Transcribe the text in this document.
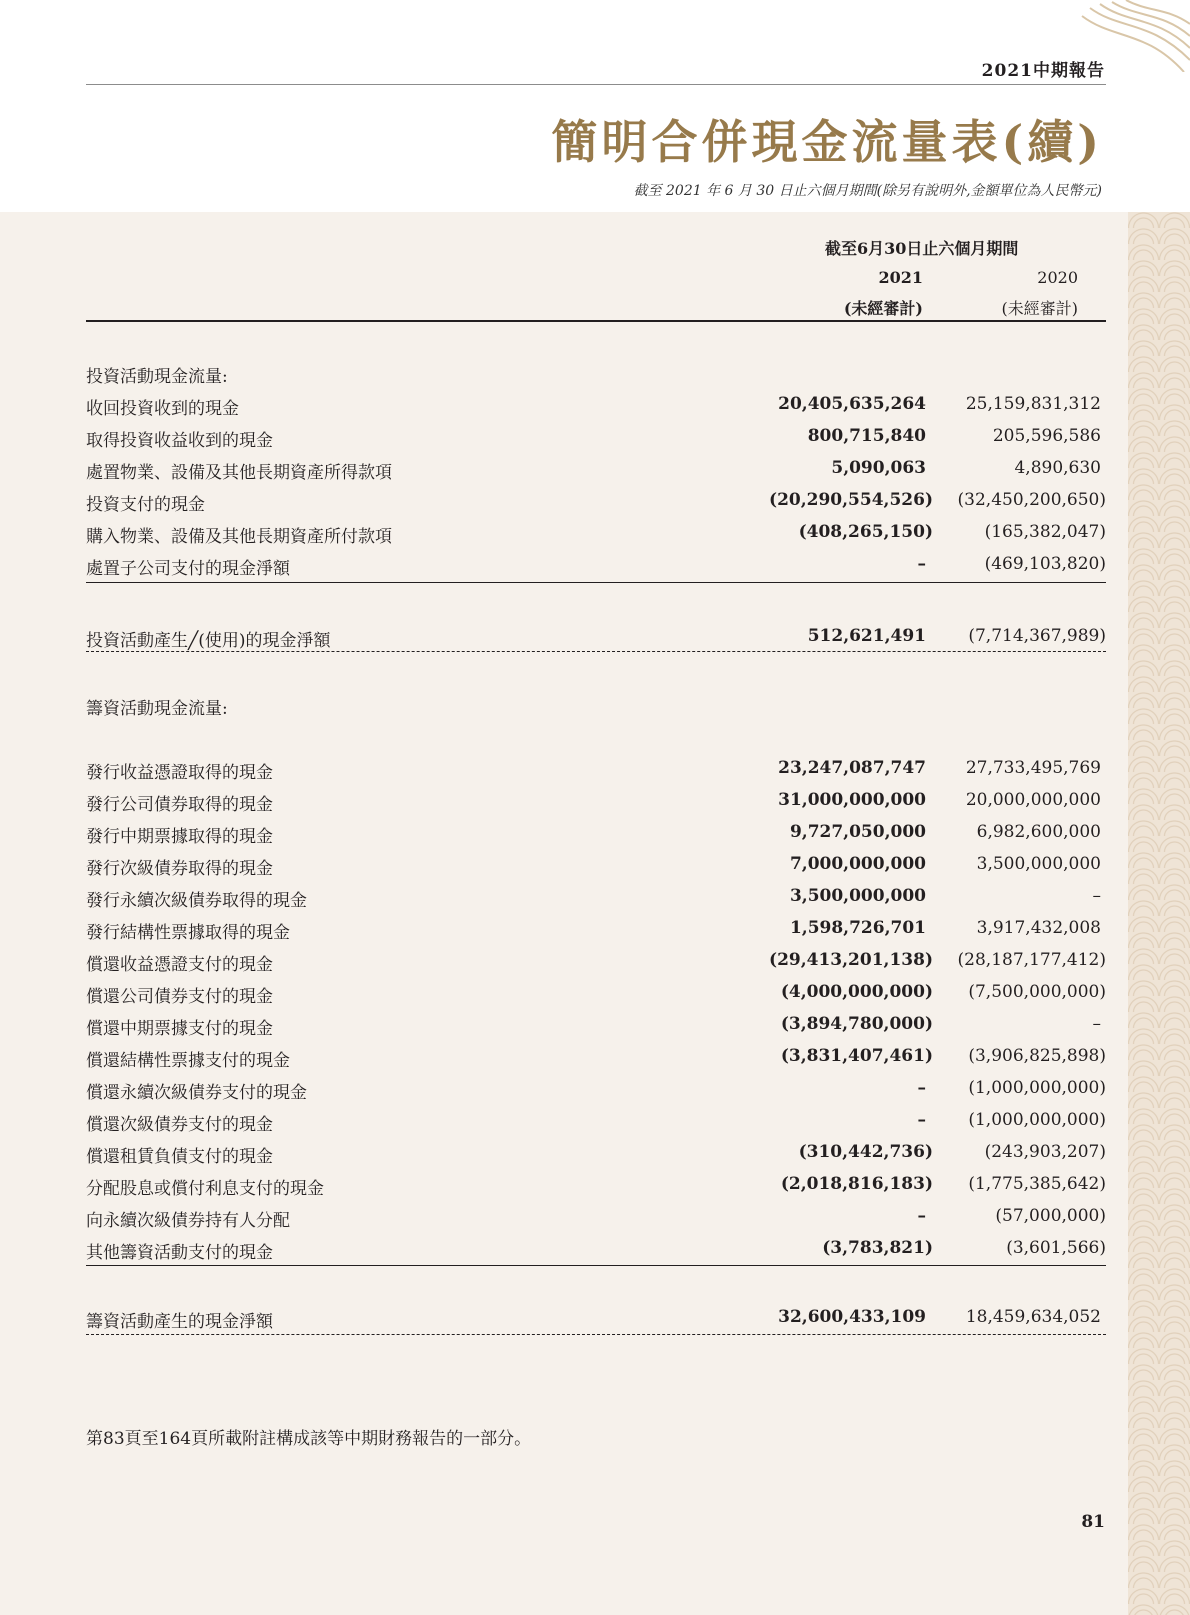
2021中期報告
簡明合併現金流量表(續)
截至 2021 年 6 月 30 日止六個月期間(除另有說明外,金額單位為人民幣元)
截至6月30日止六個月期間
2021	2020
(未經審計)	(未經審計)
投資活動現金流量:
收回投資收到的現金	20,405,635,264 25,159,831,312
取得投資收益收到的現金	800,715,840	205,596,586
處置物業、設備及其他長期資產所得款項	5,090,063	4,890,630
投資支付的現金	(20,290,554,526) (32,450,200,650)
購入物業、設備及其他長期資產所付款項	(408,265,150)	(165,382,047)
處置子公司支付的現金淨額	–	(469,103,820)
投資活動產生╱(使用)的現金淨額	512,621,491 (7,714,367,989)
籌資活動現金流量:
發行收益憑證取得的現金	23,247,087,747 27,733,495,769
發行公司債券取得的現金	31,000,000,000 20,000,000,000
發行中期票據取得的現金	9,727,050,000	6,982,600,000
發行次級債券取得的現金	7,000,000,000	3,500,000,000
發行永續次級債券取得的現金	3,500,000,000	–
發行結構性票據取得的現金	1,598,726,701	3,917,432,008
償還收益憑證支付的現金	(29,413,201,138) (28,187,177,412)
償還公司債券支付的現金	(4,000,000,000) (7,500,000,000)
償還中期票據支付的現金	(3,894,780,000)	–
償還結構性票據支付的現金	(3,831,407,461) (3,906,825,898)
償還永續次級債券支付的現金	– (1,000,000,000)
償還次級債券支付的現金	– (1,000,000,000)
償還租賃負債支付的現金	(310,442,736)	(243,903,207)
分配股息或償付利息支付的現金	(2,018,816,183) (1,775,385,642)
向永續次級債券持有人分配	–	(57,000,000)
其他籌資活動支付的現金	(3,783,821)	(3,601,566)
籌資活動產生的現金淨額	32,600,433,109 18,459,634,052
第83頁至164頁所載附註構成該等中期財務報告的一部分。
81
